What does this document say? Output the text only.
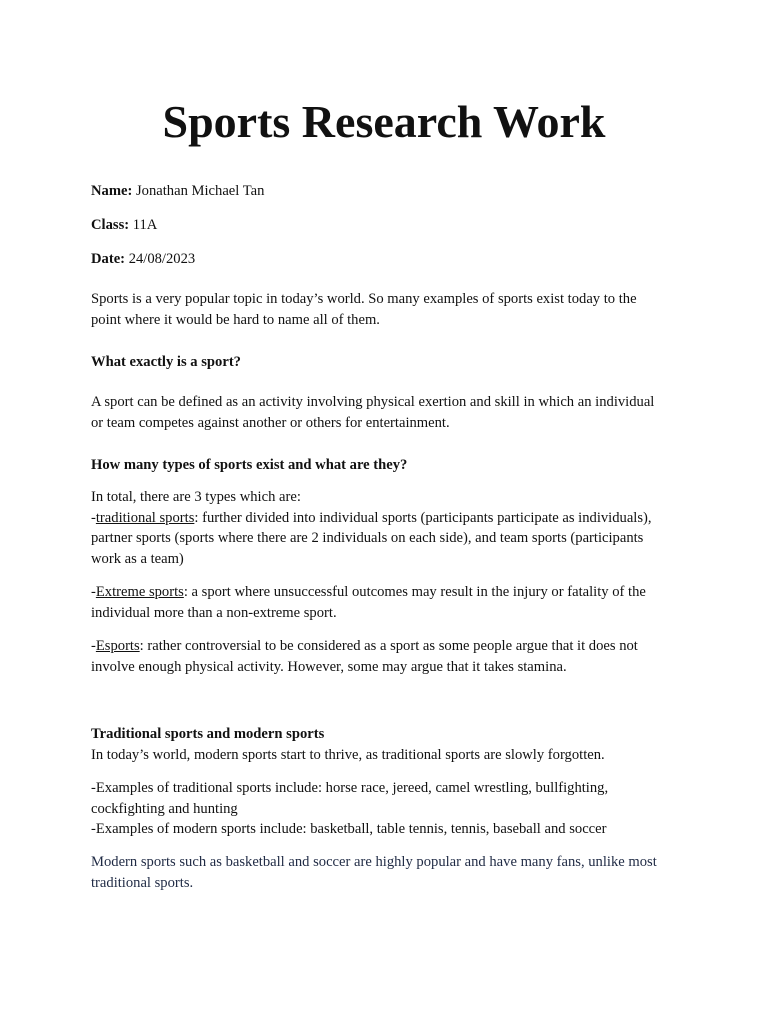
Sports Research Work

Name: Jonathan Michael Tan

Class: 11A

Date: 24/08/2023

Sports is a very popular topic in today’s world. So many examples of sports exist today to the
point where it would be hard to name all of them.

What exactly is a sport?

A sport can be defined as an activity involving physical exertion and skill in which an individual
or team competes against another or others for entertainment.

How many types of sports exist and what are they?

In total, there are 3 types which are:
-traditional sports: further divided into individual sports (participants participate as individuals),
partner sports (sports where there are 2 individuals on each side), and team sports (participants
work as a team)

-Extreme sports: a sport where unsuccessful outcomes may result in the injury or fatality of the
individual more than a non-extreme sport.

-Esports: rather controversial to be considered as a sport as some people argue that it does not
involve enough physical activity. However, some may argue that it takes stamina.

Traditional sports and modern sports
In today’s world, modern sports start to thrive, as traditional sports are slowly forgotten.

-Examples of traditional sports include: horse race, jereed, camel wrestling, bullfighting,
cockfighting and hunting
-Examples of modern sports include: basketball, table tennis, tennis, baseball and soccer

Modern sports such as basketball and soccer are highly popular and have many fans, unlike most
traditional sports.
